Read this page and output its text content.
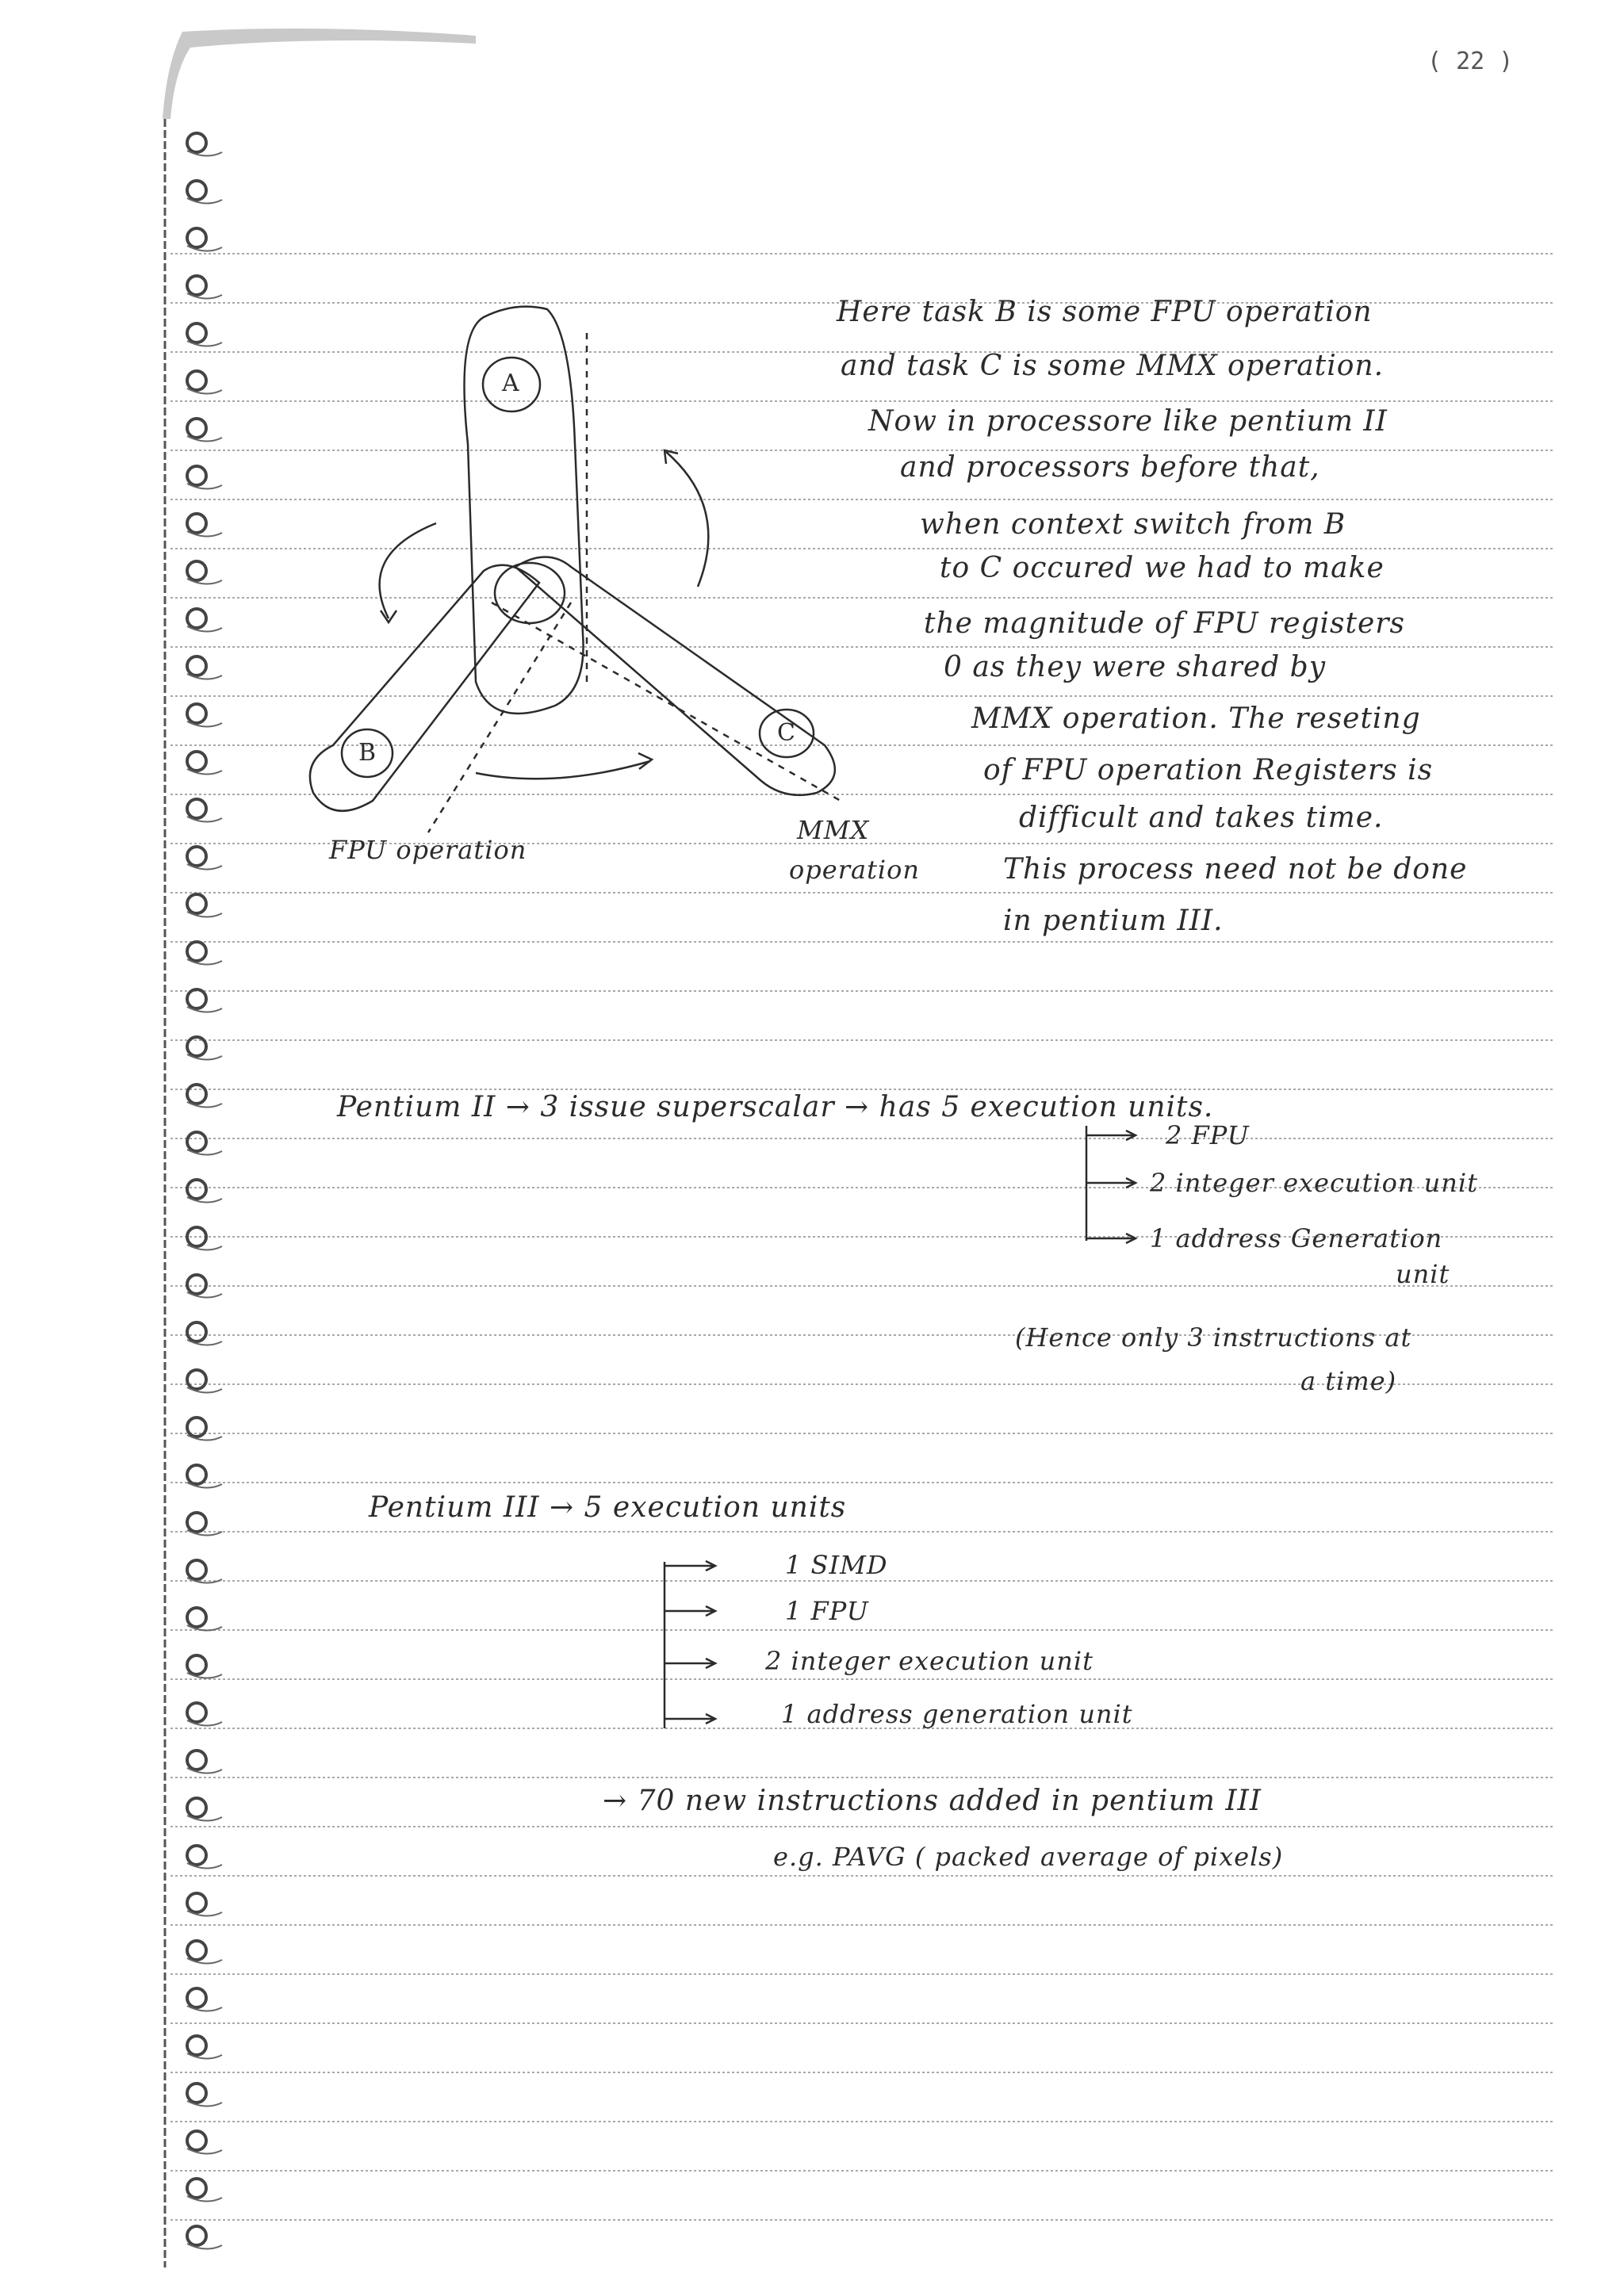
( 22 )
A
B
C
FPU operation
MMX
operation
Here task B is some FPU operation
and task C is some MMX operation.
Now in processore like pentium II
and processors before that,
when context switch from B
to C occured we had to make
the magnitude of FPU registers
0 as they were shared by
MMX operation. The reseting
of FPU operation Registers is
difficult and takes time.
This process need not be done
in pentium III.
Pentium II → 3 issue superscalar → has 5 execution units.
2 FPU
2 integer execution unit
1 address Generation
unit
(Hence only 3 instructions at
a time)
Pentium III → 5 execution units
1 SIMD
1 FPU
2 integer execution unit
1 address generation unit
→ 70 new instructions added in pentium III
e.g. PAVG ( packed average of pixels)
